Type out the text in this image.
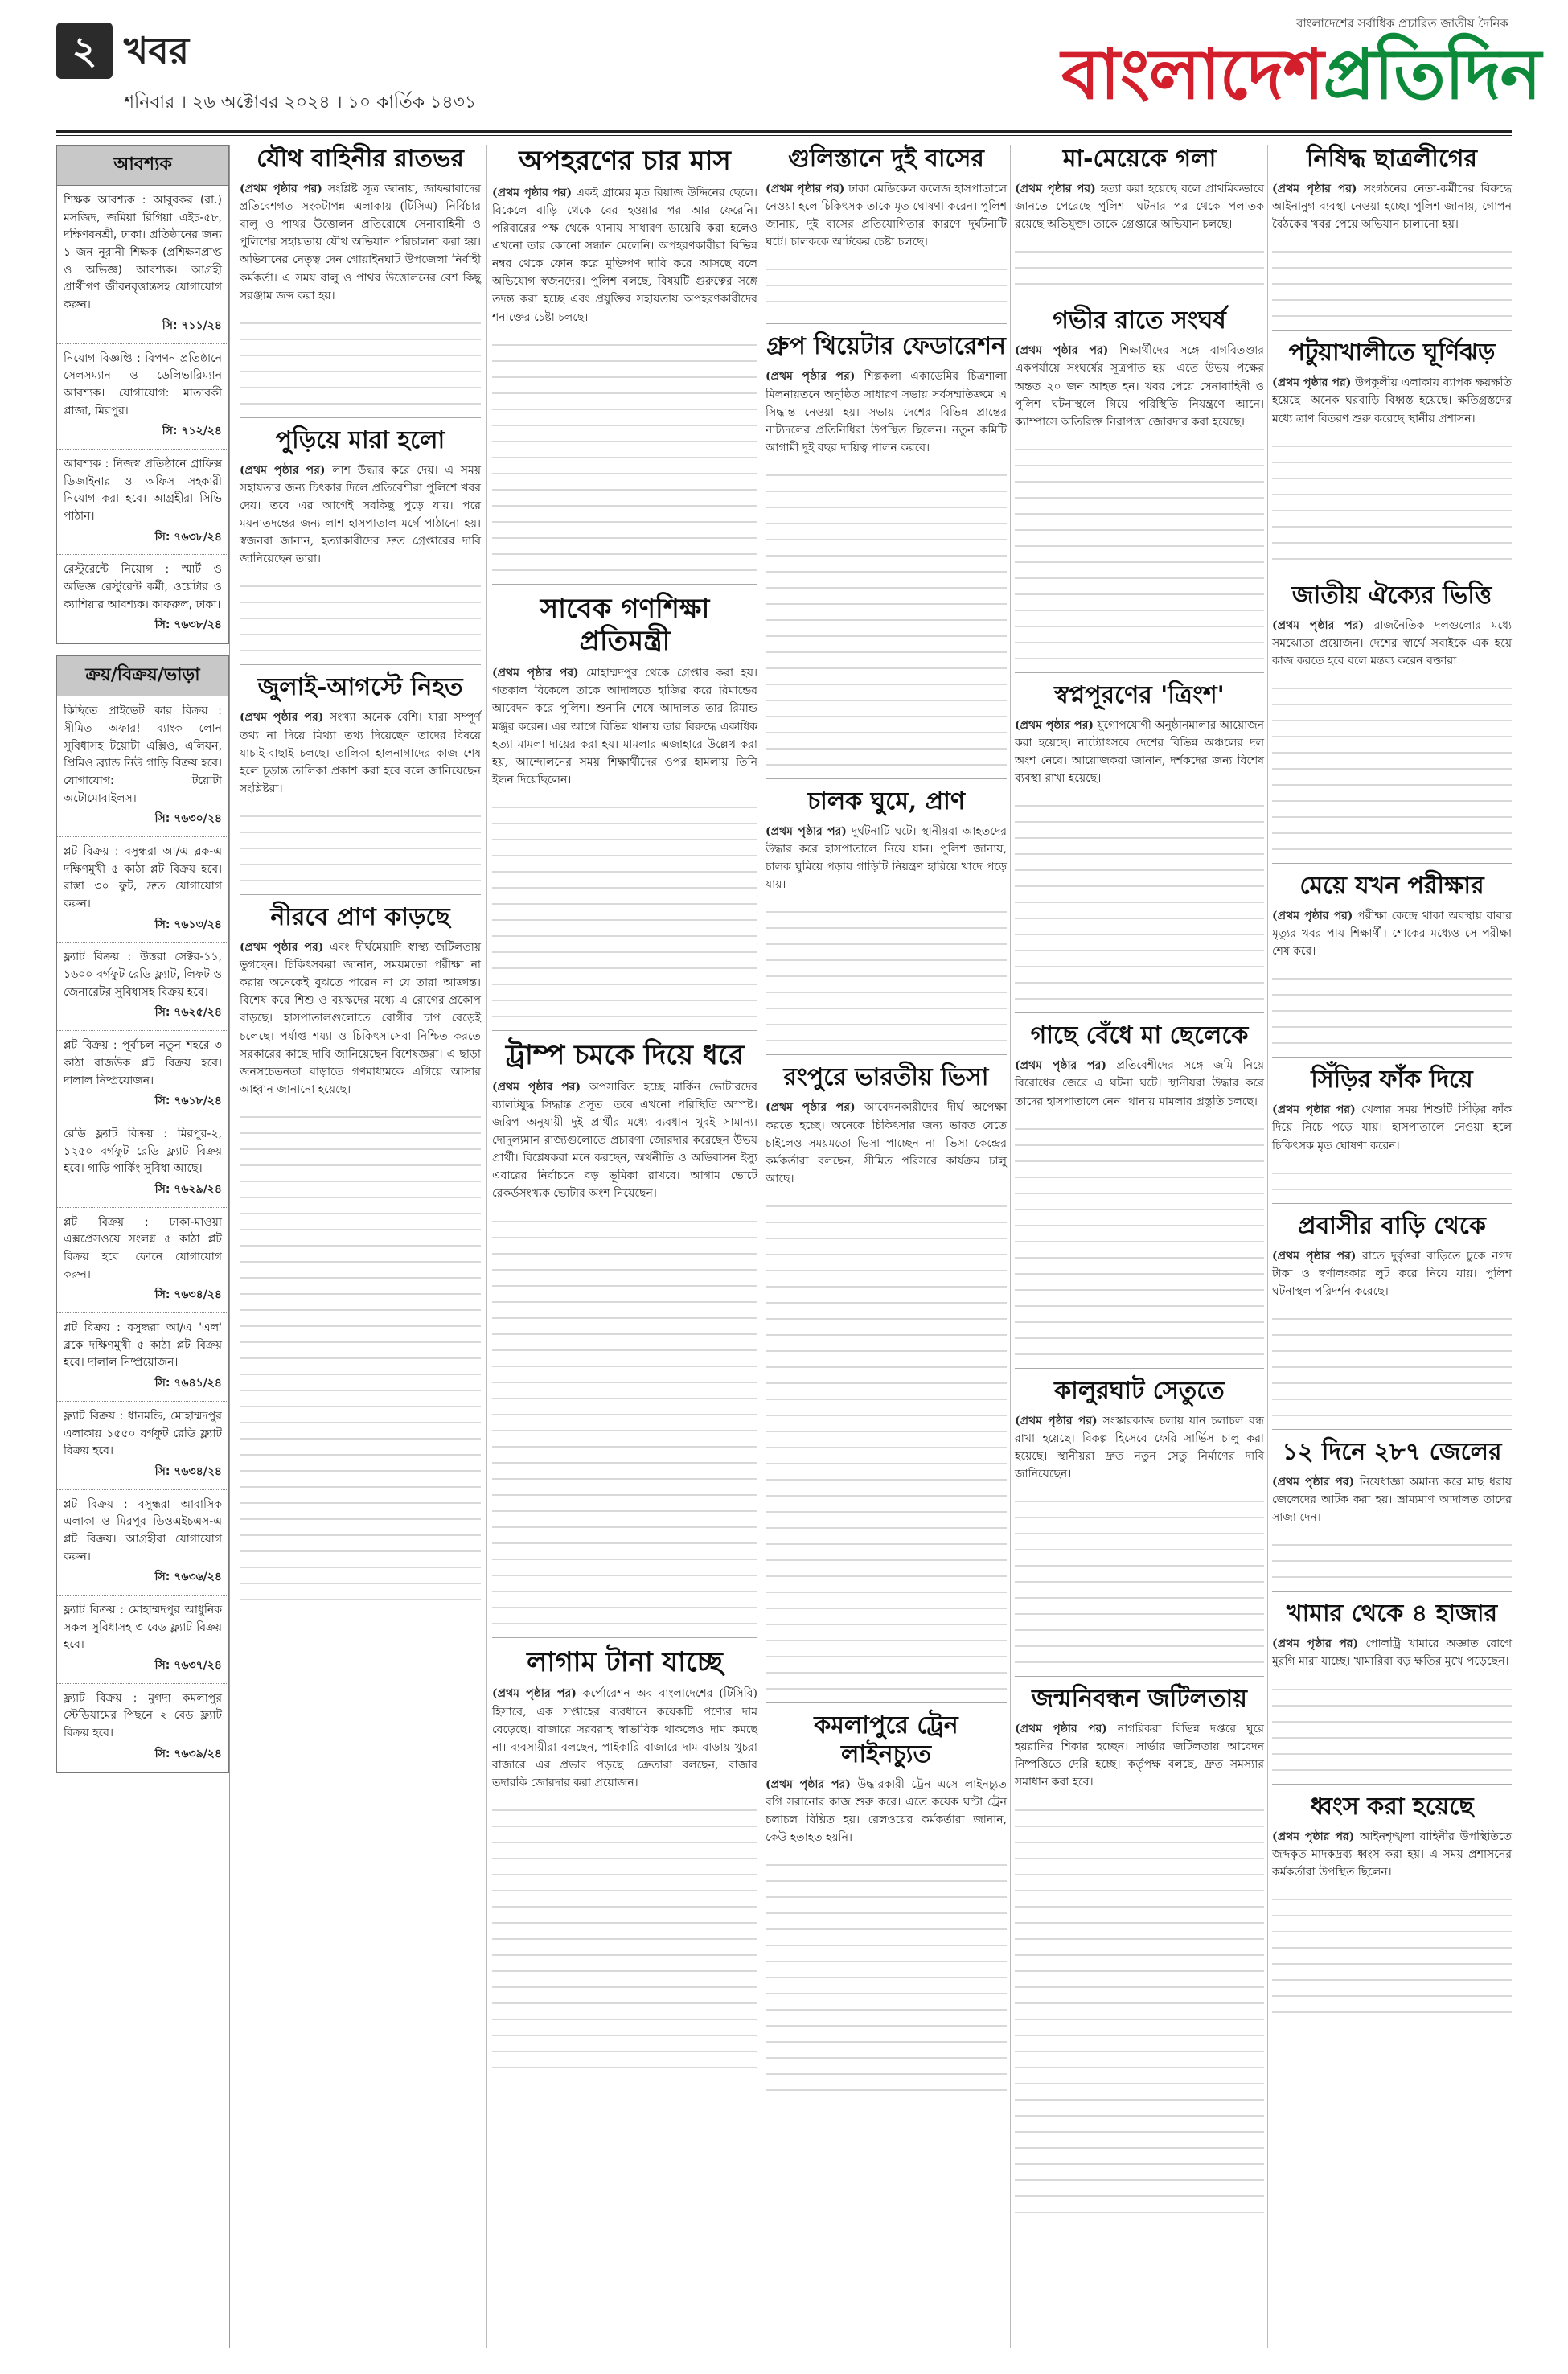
২ খবর
শনিবার । ২৬ অক্টোবর ২০২৪ । ১০ কার্তিক ১৪৩১
বাংলাদেশের সর্বাধিক প্রচারিত জাতীয় দৈনিক
বাংলাদেশপ্রতিদিন
আবশ্যক
শিক্ষক আবশ্যক : আবুবকর (রা.) মসজিদ, জমিয়া রিগিয়া এইচ-৫৮, দক্ষিণবনশ্রী, ঢাকা। প্রতিষ্ঠানের জন্য ১ জন নূরানী শিক্ষক (প্রশিক্ষণপ্রাপ্ত ও অভিজ্ঞ) আবশ্যক। আগ্রহী প্রার্থীগণ জীবনবৃত্তান্তসহ যোগাযোগ করুন।
সি: ৭১১/২৪
নিয়োগ বিজ্ঞপ্তি : বিপণন প্রতিষ্ঠানে সেলসম্যান ও ডেলিভারিম্যান আবশ্যক। যোগাযোগ: মাতাবকী প্লাজা, মিরপুর।
সি: ৭১২/২৪
আবশ্যক : নিজস্ব প্রতিষ্ঠানে গ্রাফিক্স ডিজাইনার ও অফিস সহকারী নিয়োগ করা হবে। আগ্রহীরা সিভি পাঠান।
সি: ৭৬৩৮/২৪
রেস্টুরেন্টে নিয়োগ : স্মার্ট ও অভিজ্ঞ রেস্টুরেন্ট কর্মী, ওয়েটার ও ক্যাশিয়ার আবশ্যক। কাফরুল, ঢাকা।
সি: ৭৬৩৮/২৪
ক্রয়/বিক্রয়/ভাড়া
কিছিতে প্রাইভেট কার বিক্রয় : সীমিত অফার! ব্যাংক লোন সুবিধাসহ টয়োটা এক্সিও, এলিয়ন, প্রিমিও ব্র্যান্ড নিউ গাড়ি বিক্রয় হবে। যোগাযোগ: টয়োটা অটোমোবাইলস।
সি: ৭৬৩০/২৪
প্লট বিক্রয় : বসুন্ধরা আ/এ ব্লক-এ দক্ষিণমুখী ৫ কাঠা প্লট বিক্রয় হবে। রাস্তা ৩০ ফুট, দ্রুত যোগাযোগ করুন।
সি: ৭৬১৩/২৪
ফ্ল্যাট বিক্রয় : উত্তরা সেক্টর-১১, ১৬০০ বর্গফুট রেডি ফ্ল্যাট, লিফট ও জেনারেটর সুবিধাসহ বিক্রয় হবে।
সি: ৭৬২৫/২৪
প্লট বিক্রয় : পূর্বাচল নতুন শহরে ৩ কাঠা রাজউক প্লট বিক্রয় হবে। দালাল নিষ্প্রয়োজন।
সি: ৭৬১৮/২৪
রেডি ফ্ল্যাট বিক্রয় : মিরপুর-২, ১২৫০ বর্গফুট রেডি ফ্ল্যাট বিক্রয় হবে। গাড়ি পার্কিং সুবিধা আছে।
সি: ৭৬২৯/২৪
প্লট বিক্রয় : ঢাকা-মাওয়া এক্সপ্রেসওয়ে সংলগ্ন ৫ কাঠা প্লট বিক্রয় হবে। ফোনে যোগাযোগ করুন।
সি: ৭৬৩৪/২৪
প্লট বিক্রয় : বসুন্ধরা আ/এ 'এল' ব্লকে দক্ষিণমুখী ৫ কাঠা প্লট বিক্রয় হবে। দালাল নিষ্প্রয়োজন।
সি: ৭৬৪১/২৪
ফ্ল্যাট বিক্রয় : ধানমন্ডি, মোহাম্মদপুর এলাকায় ১৫৫০ বর্গফুট রেডি ফ্ল্যাট বিক্রয় হবে।
সি: ৭৬৩৪/২৪
প্লট বিক্রয় : বসুন্ধরা আবাসিক এলাকা ও মিরপুর ডিওএইচএস-এ প্লট বিক্রয়। আগ্রহীরা যোগাযোগ করুন।
সি: ৭৬৩৬/২৪
ফ্ল্যাট বিক্রয় : মোহাম্মদপুর আধুনিক সকল সুবিধাসহ ৩ বেড ফ্ল্যাট বিক্রয় হবে।
সি: ৭৬৩৭/২৪
ফ্ল্যাট বিক্রয় : মুগদা কমলাপুর স্টেডিয়ামের পিছনে ২ বেড ফ্ল্যাট বিক্রয় হবে।
সি: ৭৬৩৯/২৪
যৌথ বাহিনীর রাতভর

(প্রথম পৃষ্ঠার পর) সংশ্লিষ্ট সূত্র জানায়, জাফরাবাদের প্রতিবেশগত সংকটাপন্ন এলাকায় (টিসিএ) নির্বিচার বালু ও পাথর উত্তোলন প্রতিরোধে সেনাবাহিনী ও পুলিশের সহায়তায় যৌথ অভিযান পরিচালনা করা হয়। অভিযানের নেতৃত্ব দেন গোয়াইনঘাট উপজেলা নির্বাহী কর্মকর্তা। এ সময় বালু ও পাথর উত্তোলনের বেশ কিছু সরঞ্জাম জব্দ করা হয়।

পুড়িয়ে মারা হলো

(প্রথম পৃষ্ঠার পর) লাশ উদ্ধার করে দেয়। এ সময় সহায়তার জন্য চিৎকার দিলে প্রতিবেশীরা পুলিশে খবর দেয়। তবে এর আগেই সবকিছু পুড়ে যায়। পরে ময়নাতদন্তের জন্য লাশ হাসপাতাল মর্গে পাঠানো হয়। স্বজনরা জানান, হত্যাকারীদের দ্রুত গ্রেপ্তারের দাবি জানিয়েছেন তারা।

জুলাই-আগস্টে নিহত

(প্রথম পৃষ্ঠার পর) সংখ্যা অনেক বেশি। যারা সম্পূর্ণ তথ্য না দিয়ে মিথ্যা তথ্য দিয়েছেন তাদের বিষয়ে যাচাই-বাছাই চলছে। তালিকা হালনাগাদের কাজ শেষ হলে চূড়ান্ত তালিকা প্রকাশ করা হবে বলে জানিয়েছেন সংশ্লিষ্টরা।

নীরবে প্রাণ কাড়ছে

(প্রথম পৃষ্ঠার পর) এবং দীর্ঘমেয়াদি স্বাস্থ্য জটিলতায় ভুগছেন। চিকিৎসকরা জানান, সময়মতো পরীক্ষা না করায় অনেকেই বুঝতে পারেন না যে তারা আক্রান্ত। বিশেষ করে শিশু ও বয়স্কদের মধ্যে এ রোগের প্রকোপ বাড়ছে। হাসপাতালগুলোতে রোগীর চাপ বেড়েই চলেছে। পর্যাপ্ত শয্যা ও চিকিৎসাসেবা নিশ্চিত করতে সরকারের কাছে দাবি জানিয়েছেন বিশেষজ্ঞরা। এ ছাড়া জনসচেতনতা বাড়াতে গণমাধ্যমকে এগিয়ে আসার আহ্বান জানানো হয়েছে।

অপহরণের চার মাস

(প্রথম পৃষ্ঠার পর) একই গ্রামের মৃত রিয়াজ উদ্দিনের ছেলে। বিকেলে বাড়ি থেকে বের হওয়ার পর আর ফেরেনি। পরিবারের পক্ষ থেকে থানায় সাধারণ ডায়েরি করা হলেও এখনো তার কোনো সন্ধান মেলেনি। অপহরণকারীরা বিভিন্ন নম্বর থেকে ফোন করে মুক্তিপণ দাবি করে আসছে বলে অভিযোগ স্বজনদের। পুলিশ বলছে, বিষয়টি গুরুত্বের সঙ্গে তদন্ত করা হচ্ছে এবং প্রযুক্তির সহায়তায় অপহরণকারীদের শনাক্তের চেষ্টা চলছে।

সাবেক গণশিক্ষা প্রতিমন্ত্রী

(প্রথম পৃষ্ঠার পর) মোহাম্মদপুর থেকে গ্রেপ্তার করা হয়। গতকাল বিকেলে তাকে আদালতে হাজির করে রিমান্ডের আবেদন করে পুলিশ। শুনানি শেষে আদালত তার রিমান্ড মঞ্জুর করেন। এর আগে বিভিন্ন থানায় তার বিরুদ্ধে একাধিক হত্যা মামলা দায়ের করা হয়। মামলার এজাহারে উল্লেখ করা হয়, আন্দোলনের সময় শিক্ষার্থীদের ওপর হামলায় তিনি ইন্ধন দিয়েছিলেন।

ট্রাম্প চমকে দিয়ে ধরে

(প্রথম পৃষ্ঠার পর) অপসারিত হচ্ছে মার্কিন ভোটারদের ব্যালটযুদ্ধ সিদ্ধান্ত প্রসূত। তবে এখনো পরিস্থিতি অস্পষ্ট। জরিপ অনুযায়ী দুই প্রার্থীর মধ্যে ব্যবধান খুবই সামান্য। দোদুল্যমান রাজ্যগুলোতে প্রচারণা জোরদার করেছেন উভয় প্রার্থী। বিশ্লেষকরা মনে করছেন, অর্থনীতি ও অভিবাসন ইস্যু এবারের নির্বাচনে বড় ভূমিকা রাখবে। আগাম ভোটে রেকর্ডসংখ্যক ভোটার অংশ নিয়েছেন।

লাগাম টানা যাচ্ছে

(প্রথম পৃষ্ঠার পর) কর্পোরেশন অব বাংলাদেশের (টিসিবি) হিসাবে, এক সপ্তাহের ব্যবধানে কয়েকটি পণ্যের দাম বেড়েছে। বাজারে সরবরাহ স্বাভাবিক থাকলেও দাম কমছে না। ব্যবসায়ীরা বলছেন, পাইকারি বাজারে দাম বাড়ায় খুচরা বাজারে এর প্রভাব পড়ছে। ক্রেতারা বলছেন, বাজার তদারকি জোরদার করা প্রয়োজন।

গুলিস্তানে দুই বাসের

(প্রথম পৃষ্ঠার পর) ঢাকা মেডিকেল কলেজ হাসপাতালে নেওয়া হলে চিকিৎসক তাকে মৃত ঘোষণা করেন। পুলিশ জানায়, দুই বাসের প্রতিযোগিতার কারণে দুর্ঘটনাটি ঘটে। চালককে আটকের চেষ্টা চলছে।

গ্রুপ থিয়েটার ফেডারেশন

(প্রথম পৃষ্ঠার পর) শিল্পকলা একাডেমির চিত্রশালা মিলনায়তনে অনুষ্ঠিত সাধারণ সভায় সর্বসম্মতিক্রমে এ সিদ্ধান্ত নেওয়া হয়। সভায় দেশের বিভিন্ন প্রান্তের নাট্যদলের প্রতিনিধিরা উপস্থিত ছিলেন। নতুন কমিটি আগামী দুই বছর দায়িত্ব পালন করবে।

চালক ঘুমে, প্রাণ

(প্রথম পৃষ্ঠার পর) দুর্ঘটনাটি ঘটে। স্থানীয়রা আহতদের উদ্ধার করে হাসপাতালে নিয়ে যান। পুলিশ জানায়, চালক ঘুমিয়ে পড়ায় গাড়িটি নিয়ন্ত্রণ হারিয়ে খাদে পড়ে যায়।

রংপুরে ভারতীয় ভিসা

(প্রথম পৃষ্ঠার পর) আবেদনকারীদের দীর্ঘ অপেক্ষা করতে হচ্ছে। অনেকে চিকিৎসার জন্য ভারত যেতে চাইলেও সময়মতো ভিসা পাচ্ছেন না। ভিসা কেন্দ্রের কর্মকর্তারা বলছেন, সীমিত পরিসরে কার্যক্রম চালু আছে।

কমলাপুরে ট্রেন লাইনচ্যুত

(প্রথম পৃষ্ঠার পর) উদ্ধারকারী ট্রেন এসে লাইনচ্যুত বগি সরানোর কাজ শুরু করে। এতে কয়েক ঘণ্টা ট্রেন চলাচল বিঘ্নিত হয়। রেলওয়ের কর্মকর্তারা জানান, কেউ হতাহত হয়নি।

মা-মেয়েকে গলা

(প্রথম পৃষ্ঠার পর) হত্যা করা হয়েছে বলে প্রাথমিকভাবে জানতে পেরেছে পুলিশ। ঘটনার পর থেকে পলাতক রয়েছে অভিযুক্ত। তাকে গ্রেপ্তারে অভিযান চলছে।

গভীর রাতে সংঘর্ষ

(প্রথম পৃষ্ঠার পর) শিক্ষার্থীদের সঙ্গে বাগবিতণ্ডার একপর্যায়ে সংঘর্ষের সূত্রপাত হয়। এতে উভয় পক্ষের অন্তত ২০ জন আহত হন। খবর পেয়ে সেনাবাহিনী ও পুলিশ ঘটনাস্থলে গিয়ে পরিস্থিতি নিয়ন্ত্রণে আনে। ক্যাম্পাসে অতিরিক্ত নিরাপত্তা জোরদার করা হয়েছে।

স্বপ্নপূরণের 'ত্রিংশ'

(প্রথম পৃষ্ঠার পর) যুগোপযোগী অনুষ্ঠানমালার আয়োজন করা হয়েছে। নাট্যোৎসবে দেশের বিভিন্ন অঞ্চলের দল অংশ নেবে। আয়োজকরা জানান, দর্শকদের জন্য বিশেষ ব্যবস্থা রাখা হয়েছে।

গাছে বেঁধে মা ছেলেকে

(প্রথম পৃষ্ঠার পর) প্রতিবেশীদের সঙ্গে জমি নিয়ে বিরোধের জেরে এ ঘটনা ঘটে। স্থানীয়রা উদ্ধার করে তাদের হাসপাতালে নেন। থানায় মামলার প্রস্তুতি চলছে।

কালুরঘাট সেতুতে

(প্রথম পৃষ্ঠার পর) সংস্কারকাজ চলায় যান চলাচল বন্ধ রাখা হয়েছে। বিকল্প হিসেবে ফেরি সার্ভিস চালু করা হয়েছে। স্থানীয়রা দ্রুত নতুন সেতু নির্মাণের দাবি জানিয়েছেন।

জন্মনিবন্ধন জটিলতায়

(প্রথম পৃষ্ঠার পর) নাগরিকরা বিভিন্ন দপ্তরে ঘুরে হয়রানির শিকার হচ্ছেন। সার্ভার জটিলতায় আবেদন নিষ্পত্তিতে দেরি হচ্ছে। কর্তৃপক্ষ বলছে, দ্রুত সমস্যার সমাধান করা হবে।

নিষিদ্ধ ছাত্রলীগের

(প্রথম পৃষ্ঠার পর) সংগঠনের নেতা-কর্মীদের বিরুদ্ধে আইনানুগ ব্যবস্থা নেওয়া হচ্ছে। পুলিশ জানায়, গোপন বৈঠকের খবর পেয়ে অভিযান চালানো হয়।

পটুয়াখালীতে ঘূর্ণিঝড়

(প্রথম পৃষ্ঠার পর) উপকূলীয় এলাকায় ব্যাপক ক্ষয়ক্ষতি হয়েছে। অনেক ঘরবাড়ি বিধ্বস্ত হয়েছে। ক্ষতিগ্রস্তদের মধ্যে ত্রাণ বিতরণ শুরু করেছে স্থানীয় প্রশাসন।

জাতীয় ঐক্যের ভিত্তি

(প্রথম পৃষ্ঠার পর) রাজনৈতিক দলগুলোর মধ্যে সমঝোতা প্রয়োজন। দেশের স্বার্থে সবাইকে এক হয়ে কাজ করতে হবে বলে মন্তব্য করেন বক্তারা।

মেয়ে যখন পরীক্ষার

(প্রথম পৃষ্ঠার পর) পরীক্ষা কেন্দ্রে থাকা অবস্থায় বাবার মৃত্যুর খবর পায় শিক্ষার্থী। শোকের মধ্যেও সে পরীক্ষা শেষ করে।

সিঁড়ির ফাঁক দিয়ে

(প্রথম পৃষ্ঠার পর) খেলার সময় শিশুটি সিঁড়ির ফাঁক দিয়ে নিচে পড়ে যায়। হাসপাতালে নেওয়া হলে চিকিৎসক মৃত ঘোষণা করেন।

প্রবাসীর বাড়ি থেকে

(প্রথম পৃষ্ঠার পর) রাতে দুর্বৃত্তরা বাড়িতে ঢুকে নগদ টাকা ও স্বর্ণালংকার লুট করে নিয়ে যায়। পুলিশ ঘটনাস্থল পরিদর্শন করেছে।

১২ দিনে ২৮৭ জেলের

(প্রথম পৃষ্ঠার পর) নিষেধাজ্ঞা অমান্য করে মাছ ধরায় জেলেদের আটক করা হয়। ভ্রাম্যমাণ আদালত তাদের সাজা দেন।

খামার থেকে ৪ হাজার

(প্রথম পৃষ্ঠার পর) পোলট্রি খামারে অজ্ঞাত রোগে মুরগি মারা যাচ্ছে। খামারিরা বড় ক্ষতির মুখে পড়েছেন।

ধ্বংস করা হয়েছে

(প্রথম পৃষ্ঠার পর) আইনশৃঙ্খলা বাহিনীর উপস্থিতিতে জব্দকৃত মাদকদ্রব্য ধ্বংস করা হয়। এ সময় প্রশাসনের কর্মকর্তারা উপস্থিত ছিলেন।
